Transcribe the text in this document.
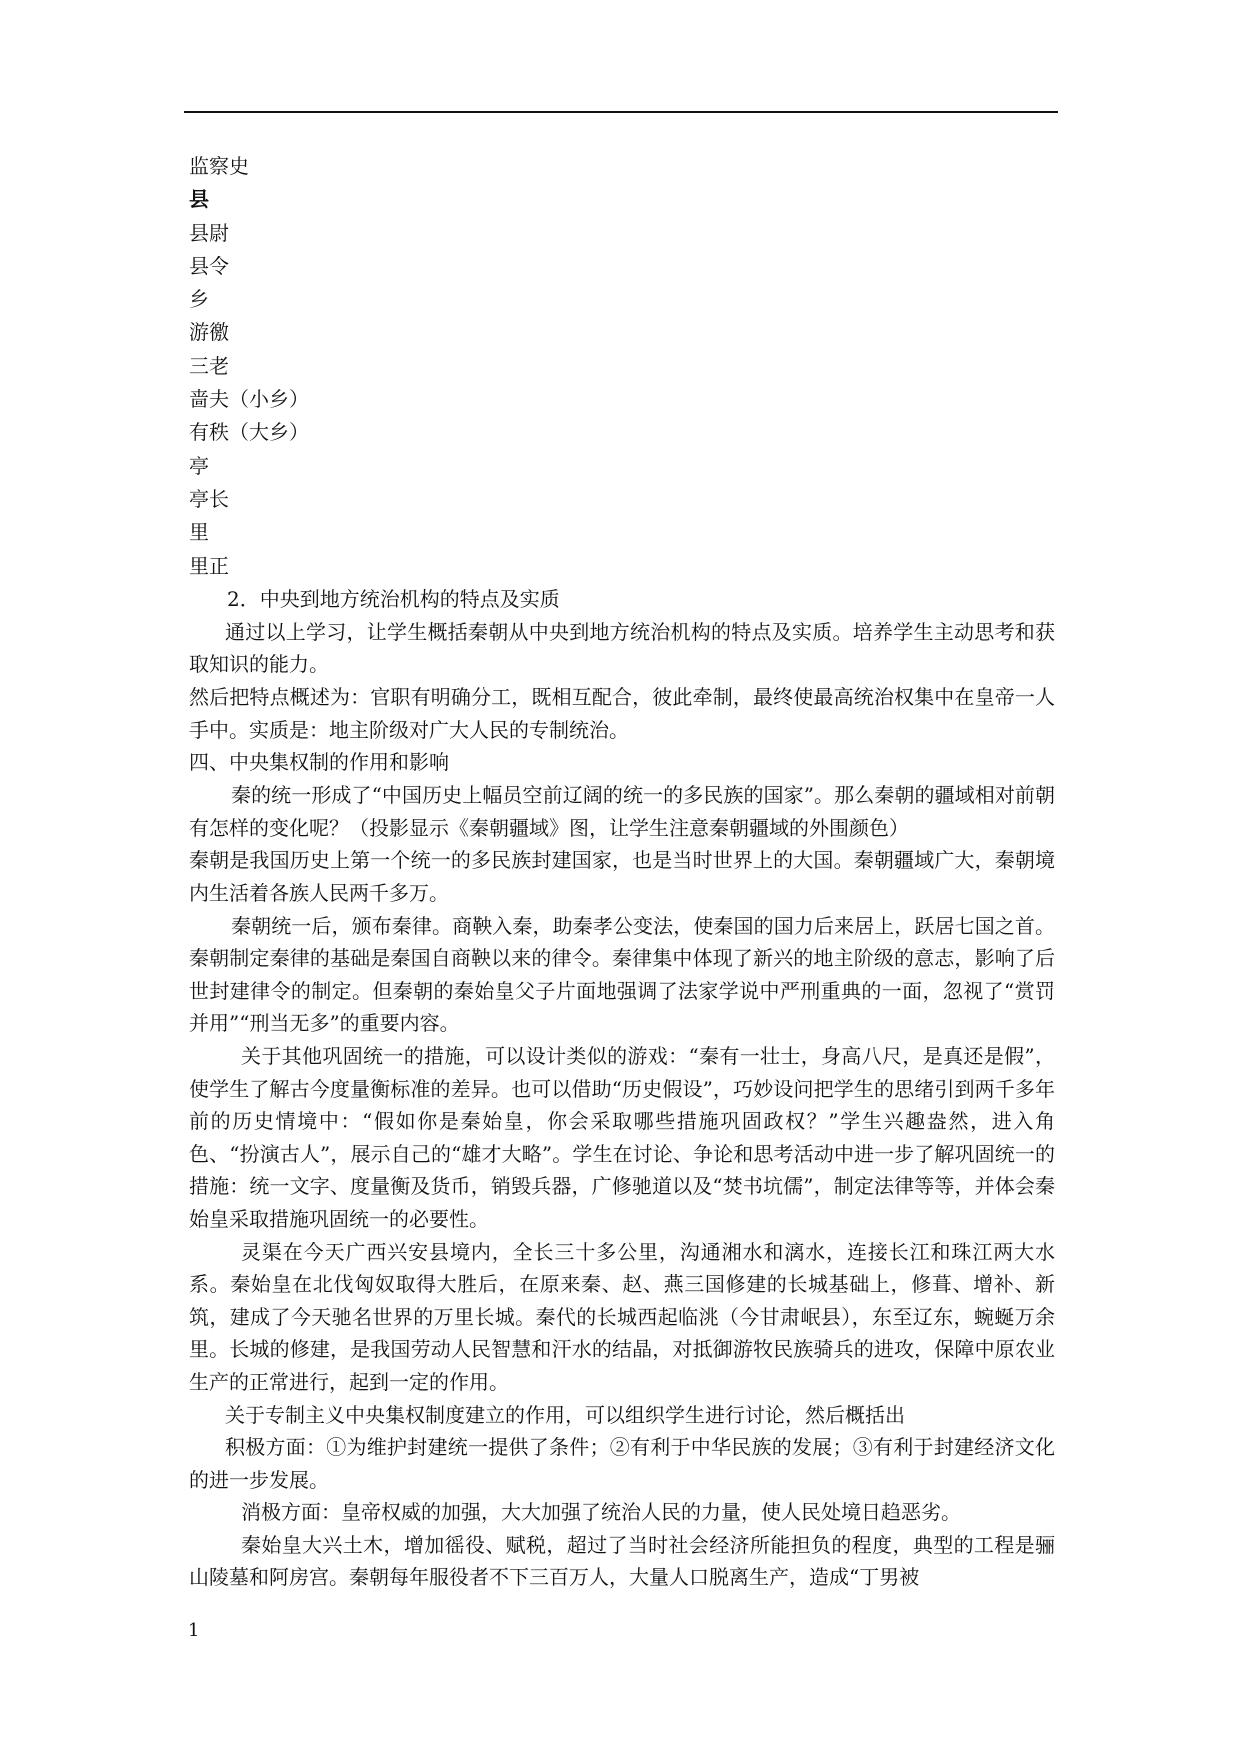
监察史
县
县尉
县令
乡
游徼
三老
啬夫（小乡）
有秩（大乡）
亭
亭长
里
里正
2．中央到地方统治机构的特点及实质

通过以上学习，让学生概括秦朝从中央到地方统治机构的特点及实质。培养学生主动思考和获取知识的能力。

然后把特点概述为：官职有明确分工，既相互配合，彼此牵制，最终使最高统治权集中在皇帝一人手中。实质是：地主阶级对广大人民的专制统治。

四、中央集权制的作用和影响

秦的统一形成了“中国历史上幅员空前辽阔的统一的多民族的国家”。那么秦朝的疆域相对前朝有怎样的变化呢？（投影显示《秦朝疆域》图，让学生注意秦朝疆域的外围颜色）

秦朝是我国历史上第一个统一的多民族封建国家，也是当时世界上的大国。秦朝疆域广大，秦朝境内生活着各族人民两千多万。

秦朝统一后，颁布秦律。商鞅入秦，助秦孝公变法，使秦国的国力后来居上，跃居七国之首。秦朝制定秦律的基础是秦国自商鞅以来的律令。秦律集中体现了新兴的地主阶级的意志，影响了后世封建律令的制定。但秦朝的秦始皇父子片面地强调了法家学说中严刑重典的一面，忽视了“赏罚并用”“刑当无多”的重要内容。

关于其他巩固统一的措施，可以设计类似的游戏：“秦有一壮士，身高八尺，是真还是假”，使学生了解古今度量衡标准的差异。也可以借助“历史假设”，巧妙设问把学生的思绪引到两千多年前的历史情境中：“假如你是秦始皇，你会采取哪些措施巩固政权？”学生兴趣盎然，进入角色、“扮演古人”，展示自己的“雄才大略”。学生在讨论、争论和思考活动中进一步了解巩固统一的措施：统一文字、度量衡及货币，销毁兵器，广修驰道以及“焚书坑儒”，制定法律等等，并体会秦始皇采取措施巩固统一的必要性。

灵渠在今天广西兴安县境内，全长三十多公里，沟通湘水和漓水，连接长江和珠江两大水系。秦始皇在北伐匈奴取得大胜后，在原来秦、赵、燕三国修建的长城基础上，修葺、增补、新筑，建成了今天驰名世界的万里长城。秦代的长城西起临洮（今甘肃岷县），东至辽东，蜿蜒万余里。长城的修建，是我国劳动人民智慧和汗水的结晶，对抵御游牧民族骑兵的进攻，保障中原农业生产的正常进行，起到一定的作用。

关于专制主义中央集权制度建立的作用，可以组织学生进行讨论，然后概括出

积极方面：①为维护封建统一提供了条件；②有利于中华民族的发展；③有利于封建经济文化的进一步发展。

消极方面：皇帝权威的加强，大大加强了统治人民的力量，使人民处境日趋恶劣。

秦始皇大兴土木，增加徭役、赋税，超过了当时社会经济所能担负的程度，典型的工程是骊山陵墓和阿房宫。秦朝每年服役者不下三百万人，大量人口脱离生产，造成“丁男被

1
